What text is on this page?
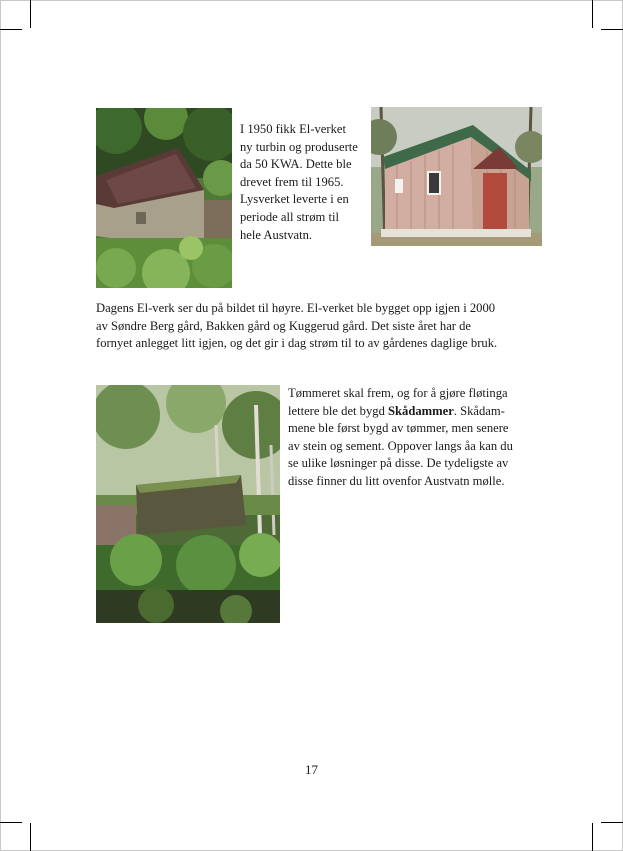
I 1950 fikk El-verket
ny turbin og produserte
da 50 KWA. Dette ble
drevet frem til 1965.
Lysverket leverte i en
periode all strøm til
hele Austvatn.
Dagens El-verk ser du på bildet til høyre. El-verket ble bygget opp igjen i 2000
av Søndre Berg gård, Bakken gård og Kuggerud gård. Det siste året har de
fornyet anlegget litt igjen, og det gir i dag strøm til to av gårdenes daglige bruk.
Tømmeret skal frem, og for å gjøre fløtinga
lettere ble det bygd Skådammer. Skådam-
mene ble først bygd av tømmer, men senere
av stein og sement. Oppover langs åa kan du
se ulike løsninger på disse. De tydeligste av
disse finner du litt ovenfor Austvatn mølle.
17
